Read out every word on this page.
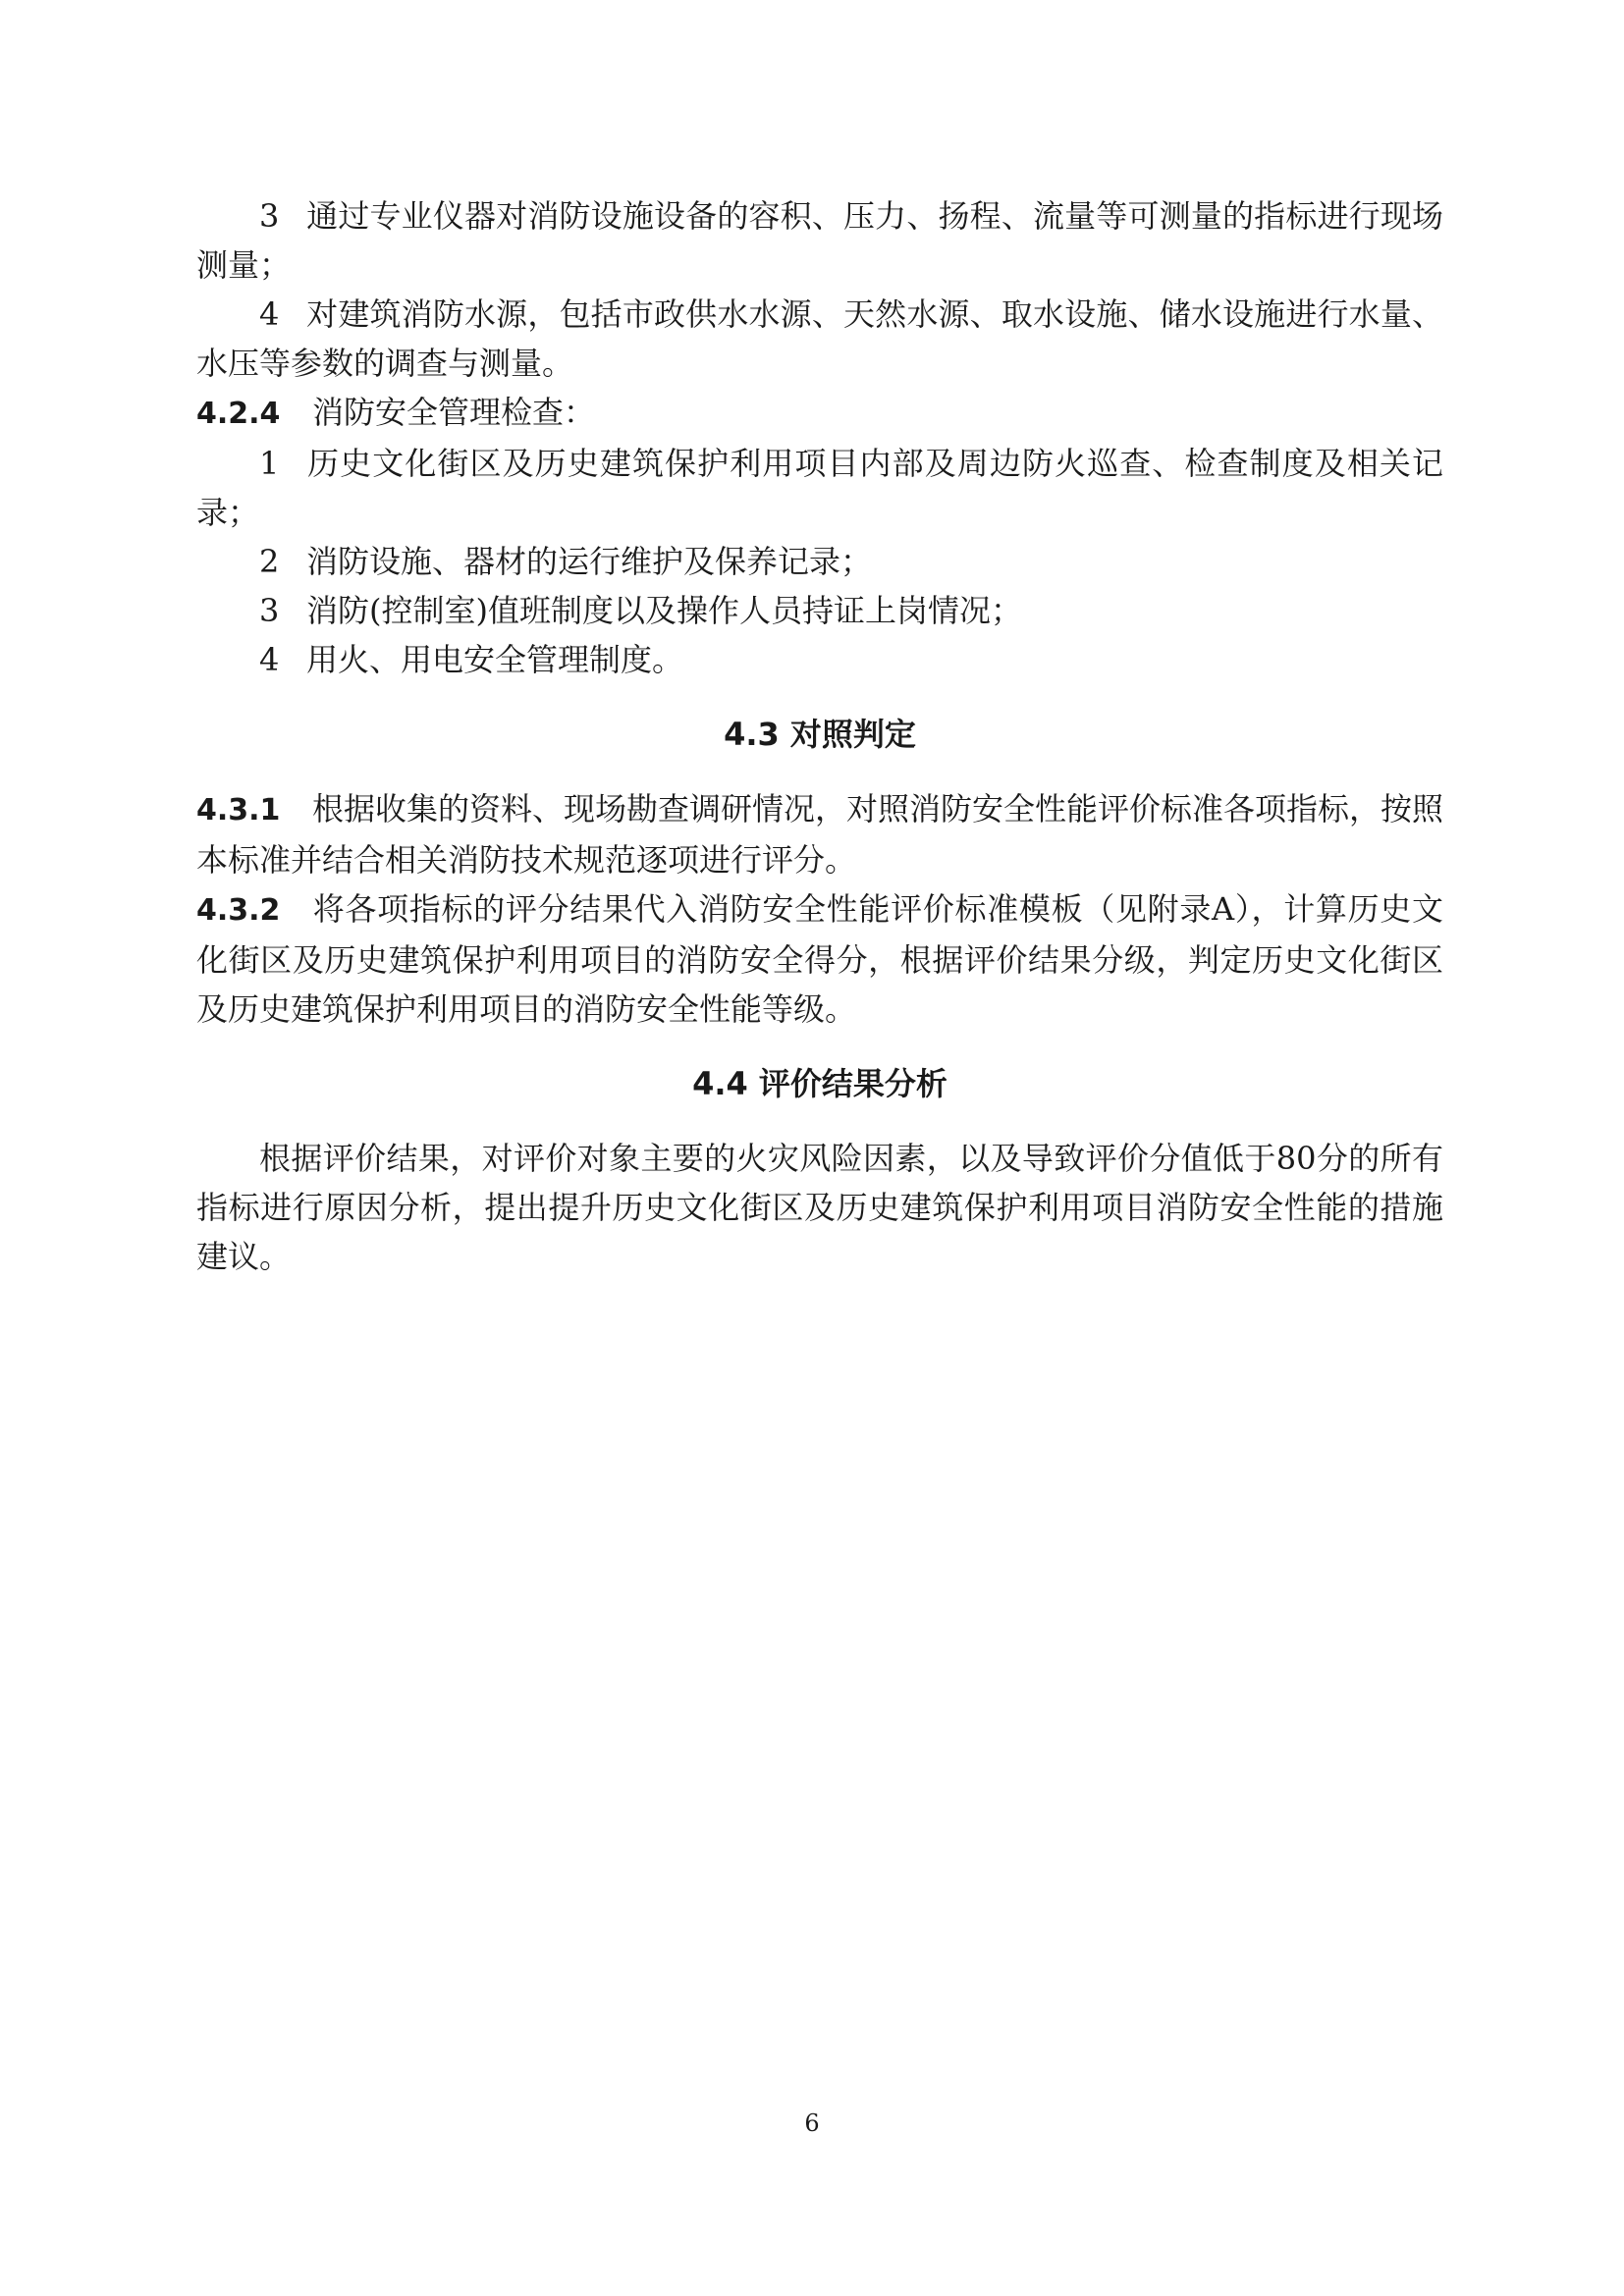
3 通过专业仪器对消防设施设备的容积、压力、扬程、流量等可测量的指标进行现场测量；

4 对建筑消防水源，包括市政供水水源、天然水源、取水设施、储水设施进行水量、水压等参数的调查与测量。

4.2.4 消防安全管理检查：

1 历史文化街区及历史建筑保护利用项目内部及周边防火巡查、检查制度及相关记录；

2 消防设施、器材的运行维护及保养记录；

3 消防(控制室)值班制度以及操作人员持证上岗情况；

4 用火、用电安全管理制度。

4.3 对照判定

4.3.1 根据收集的资料、现场勘查调研情况，对照消防安全性能评价标准各项指标，按照本标准并结合相关消防技术规范逐项进行评分。

4.3.2 将各项指标的评分结果代入消防安全性能评价标准模板（见附录A），计算历史文化街区及历史建筑保护利用项目的消防安全得分，根据评价结果分级，判定历史文化街区及历史建筑保护利用项目的消防安全性能等级。

4.4 评价结果分析

根据评价结果，对评价对象主要的火灾风险因素，以及导致评价分值低于80分的所有指标进行原因分析，提出提升历史文化街区及历史建筑保护利用项目消防安全性能的措施建议。

6
